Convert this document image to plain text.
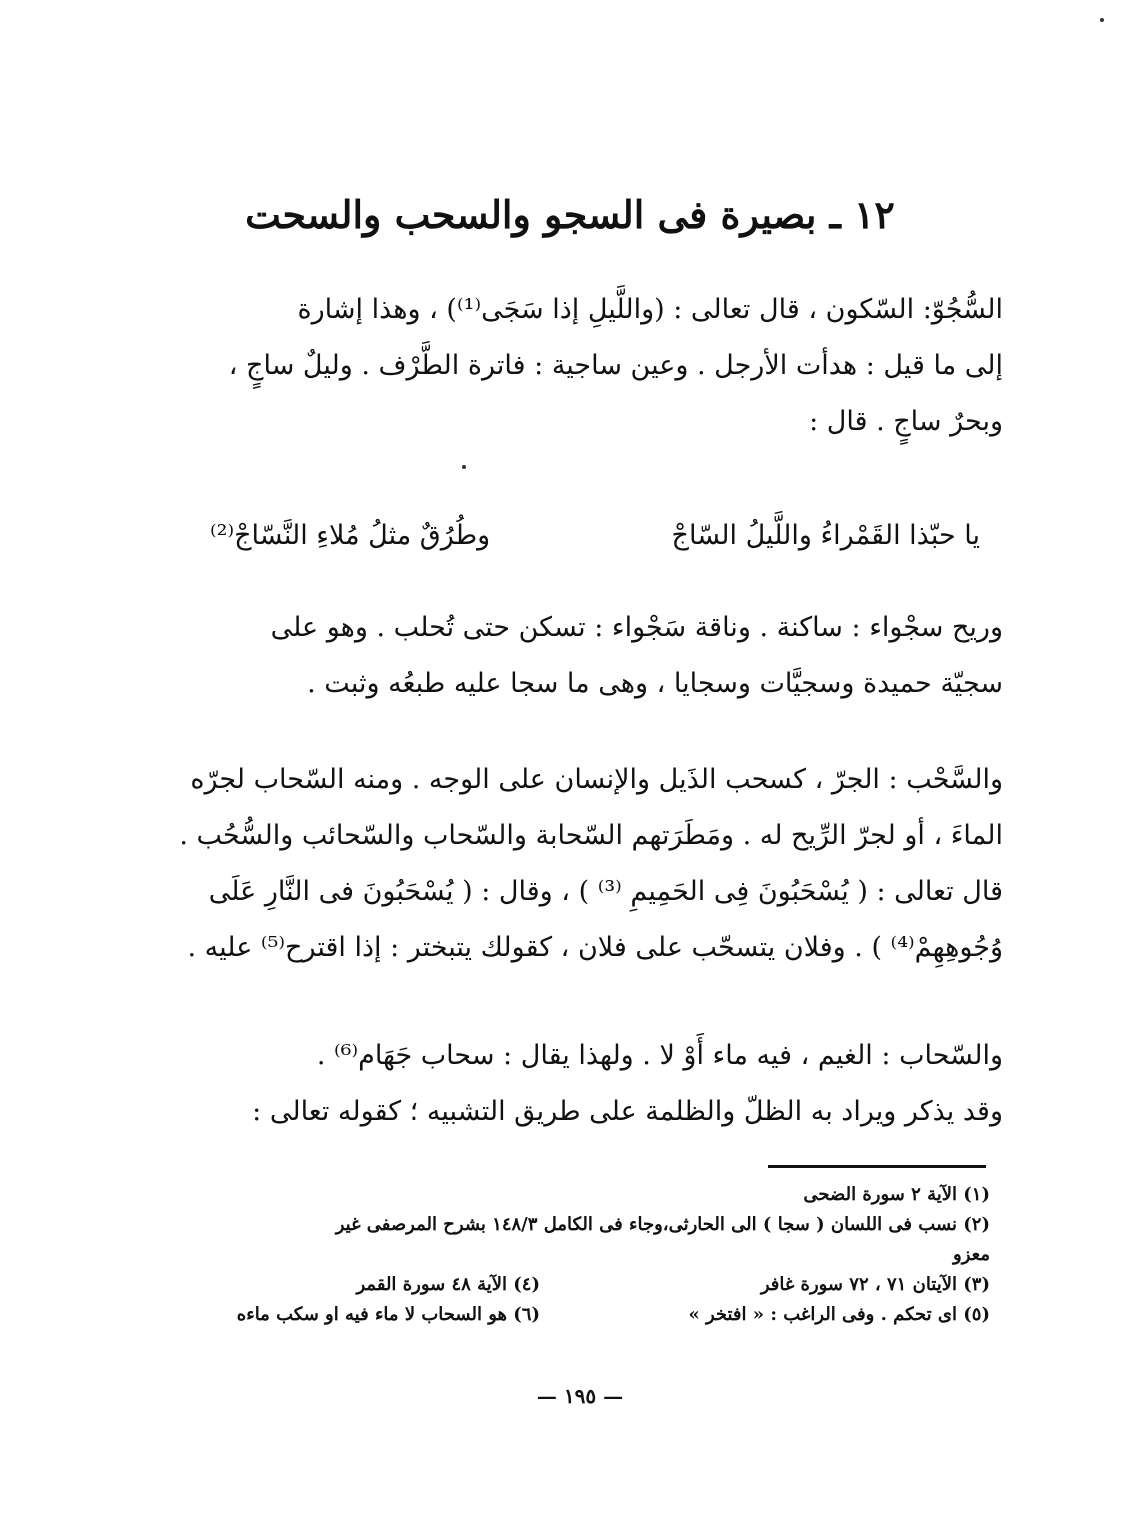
١٢ ـ بصيرة فى السجو والسحب والسحت
السُّجُوّ: السّكون ، قال تعالى : (واللَّيلِ إذا سَجَى⁽¹⁾) ، وهذا إشارة
إلى ما قيل : هدأت الأرجل . وعين ساجية : فاترة الطَّرْف . وليلٌ ساجٍ ،
وبحرٌ ساجٍ . قال :
يا حبّذا القَمْراءُ واللَّيلُ السّاجْ
وطُرُقٌ مثلُ مُلاءِ النَّسّاجْ⁽²⁾
وريح سجْواء : ساكنة . وناقة سَجْواء : تسكن حتى تُحلب . وهو على
سجيّة حميدة وسجيَّات وسجايا ، وهى ما سجا عليه طبعُه وثبت .
والسَّحْب : الجرّ ، كسحب الذَيل والإنسان على الوجه . ومنه السّحاب لجرّه
الماءَ ، أو لجرّ الرِّيح له . ومَطَرَتهم السّحابة والسّحاب والسّحائب والسُّحُب .
قال تعالى : ( يُسْحَبُونَ فِى الحَمِيمِ ⁽³⁾ ) ، وقال : ( يُسْحَبُونَ فى النَّارِ عَلَى
وُجُوهِهِمْ⁽⁴⁾ ) . وفلان يتسحّب على فلان ، كقولك يتبختر : إذا اقترح⁽⁵⁾ عليه .
والسّحاب : الغيم ، فيه ماء أَوْ لا . ولهذا يقال : سحاب جَهَام⁽⁶⁾ .
وقد يذكر ويراد به الظلّ والظلمة على طريق التشبيه ؛ كقوله تعالى :
(١) الآية ٢ سورة الضحى
(٢) نسب فى اللسان ( سجا ) الى الحارثى،وجاء فى الكامل ١٤٨/٣ بشرح المرصفى غير
معزو
(٣) الآيتان ٧١ ، ٧٢ سورة غافر
(٤) الآية ٤٨ سورة القمر
(٥) اى تحكم . وفى الراغب : « افتخر »
(٦) هو السحاب لا ماء فيه او سكب ماءه
— ١٩٥ —
